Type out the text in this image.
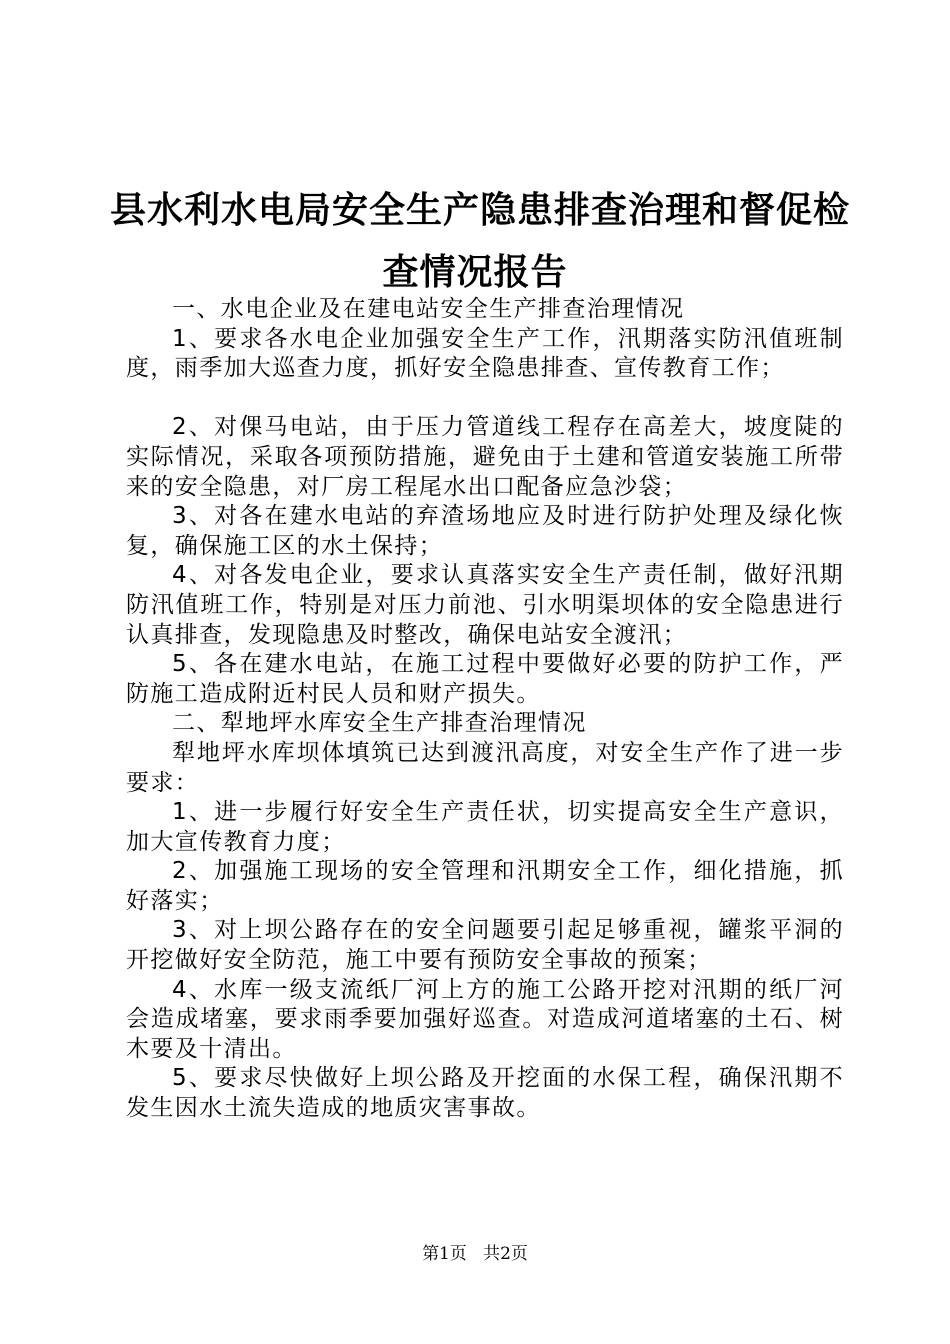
县水利水电局安全生产隐患排查治理和督促检
查情况报告

一、水电企业及在建电站安全生产排查治理情况

1、要求各水电企业加强安全生产工作，汛期落实防汛值班制度，雨季加大巡查力度，抓好安全隐患排查、宣传教育工作；

2、对倮马电站，由于压力管道线工程存在高差大，坡度陡的实际情况，采取各项预防措施，避免由于土建和管道安装施工所带来的安全隐患，对厂房工程尾水出口配备应急沙袋；

3、对各在建水电站的弃渣场地应及时进行防护处理及绿化恢复，确保施工区的水土保持；

4、对各发电企业，要求认真落实安全生产责任制，做好汛期防汛值班工作，特别是对压力前池、引水明渠坝体的安全隐患进行认真排查，发现隐患及时整改，确保电站安全渡汛；

5、各在建水电站，在施工过程中要做好必要的防护工作，严防施工造成附近村民人员和财产损失。

二、犁地坪水库安全生产排查治理情况

犁地坪水库坝体填筑已达到渡汛高度，对安全生产作了进一步要求：

1、进一步履行好安全生产责任状，切实提高安全生产意识，加大宣传教育力度；

2、加强施工现场的安全管理和汛期安全工作，细化措施，抓好落实；

3、对上坝公路存在的安全问题要引起足够重视，罐浆平洞的开挖做好安全防范，施工中要有预防安全事故的预案；

4、水库一级支流纸厂河上方的施工公路开挖对汛期的纸厂河会造成堵塞，要求雨季要加强好巡查。对造成河道堵塞的土石、树木要及十清出。

5、要求尽快做好上坝公路及开挖面的水保工程，确保汛期不发生因水土流失造成的地质灾害事故。

第1页 共2页
